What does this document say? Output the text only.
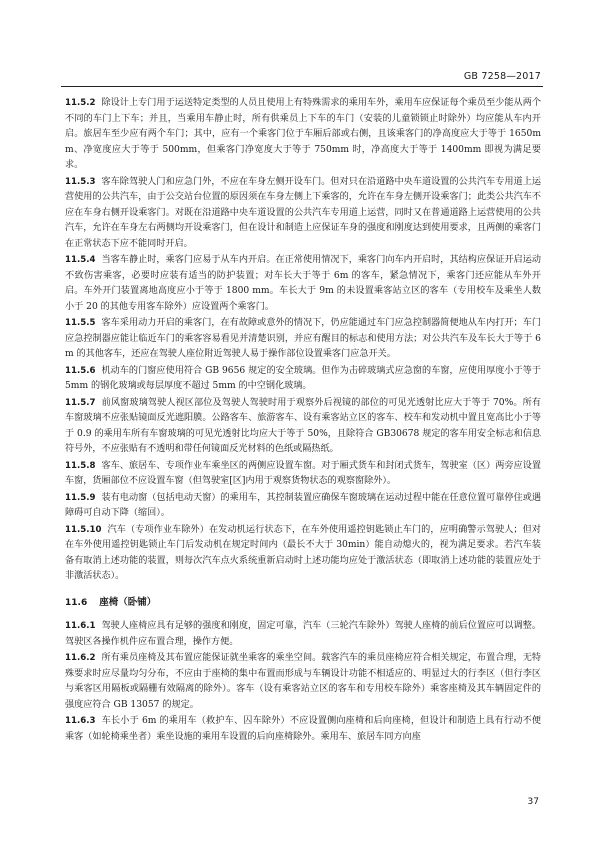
GB 7258—2017

11.5.2 除设计上专门用于运送特定类型的人员且使用上有特殊需求的乘用车外，乘用车应保证每个乘员至少能从两个不同的车门上下车；并且，当乘用车静止时，所有供乘员上下车的车门（安装的儿童锁锁止时除外）均应能从车内开启。旅居车至少应有两个车门；其中，应有一个乘客门位于车厢后部或右侧，且该乘客门的净高度应大于等于 1650mm、净宽度应大于等于 500mm，但乘客门净宽度大于等于 750mm 时，净高度大于等于 1400mm 即视为满足要求。

11.5.3 客车除驾驶人门和应急门外，不应在车身左侧开设车门。但对只在沿道路中央车道设置的公共汽车专用道上运营使用的公共汽车，由于公交站台位置的原因须在车身左侧上下乘客的，允许在车身左侧开设乘客门；此类公共汽车不应在车身右侧开设乘客门。对既在沿道路中央车道设置的公共汽车专用道上运营，同时又在普通道路上运营使用的公共汽车，允许在车身左右两侧均开设乘客门，但在设计和制造上应保证车身的强度和刚度达到使用要求，且两侧的乘客门在正常状态下应不能同时开启。

11.5.4 当客车静止时，乘客门应易于从车内开启。在正常使用情况下，乘客门向车内开启时，其结构应保证开启运动不致伤害乘客，必要时应装有适当的防护装置；对车长大于等于 6m 的客车，紧急情况下，乘客门还应能从车外开启。车外开门装置离地高度应小于等于 1800 mm。车长大于 9m 的未设置乘客站立区的客车（专用校车及乘坐人数小于 20 的其他专用客车除外）应设置两个乘客门。

11.5.5 客车采用动力开启的乘客门，在有故障或意外的情况下，仍应能通过车门应急控制器简便地从车内打开；车门应急控制器应能让临近车门的乘客容易看见并清楚识别，并应有醒目的标志和使用方法；对公共汽车及车长大于等于 6m 的其他客车，还应在驾驶人座位附近驾驶人易于操作部位设置乘客门应急开关。

11.5.6 机动车的门窗应使用符合 GB 9656 规定的安全玻璃。但作为击碎玻璃式应急窗的车窗，应使用厚度小于等于 5mm 的钢化玻璃或每层厚度不超过 5mm 的中空钢化玻璃。

11.5.7 前风窗玻璃驾驶人视区部位及驾驶人驾驶时用于观察外后视镜的部位的可见光透射比应大于等于 70%。所有车窗玻璃不应张贴镜面反光遮阳膜。公路客车、旅游客车、设有乘客站立区的客车、校车和发动机中置且宽高比小于等于 0.9 的乘用车所有车窗玻璃的可见光透射比均应大于等于 50%，且除符合 GB30678 规定的客车用安全标志和信息符号外，不应张贴有不透明和带任何镜面反光材料的色纸或隔热纸。

11.5.8 客车、旅居车、专项作业车乘坐区的两侧应设置车窗。对于厢式货车和封闭式货车，驾驶室（区）两旁应设置车窗，货厢部位不应设置车窗（但驾驶室[区]内用于观察货物状态的观察窗除外）。

11.5.9 装有电动窗（包括电动天窗）的乘用车，其控制装置应确保车窗玻璃在运动过程中能在任意位置可靠停住或遇障碍可自动下降（缩回）。

11.5.10 汽车（专项作业车除外）在发动机运行状态下，在车外使用遥控钥匙锁止车门的，应明确警示驾驶人；但对在车外使用遥控钥匙锁止车门后发动机在规定时间内（最长不大于 30min）能自动熄火的，视为满足要求。若汽车装备有取消上述功能的装置，则每次汽车点火系统重新启动时上述功能均应处于激活状态（即取消上述功能的装置应处于非激活状态）。

11.6 座椅（卧铺）

11.6.1 驾驶人座椅应具有足够的强度和刚度，固定可靠，汽车（三轮汽车除外）驾驶人座椅的前后位置应可以调整。驾驶区各操作机件应布置合理，操作方便。

11.6.2 所有乘员座椅及其布置应能保证就坐乘客的乘坐空间。载客汽车的乘员座椅应符合相关规定，布置合理，无特殊要求时应尽量均匀分布，不应由于座椅的集中布置而形成与车辆设计功能不相适应的、明显过大的行李区（但行李区与乘客区用隔板或隔栅有效隔离的除外）。客车（设有乘客站立区的客车和专用校车除外）乘客座椅及其车辆固定件的强度应符合 GB 13057 的规定。

11.6.3 车长小于 6m 的乘用车（救护车、囚车除外）不应设置侧向座椅和后向座椅，但设计和制造上具有行动不便乘客（如轮椅乘坐者）乘坐设施的乘用车设置的后向座椅除外。乘用车、旅居车同方向座

37
